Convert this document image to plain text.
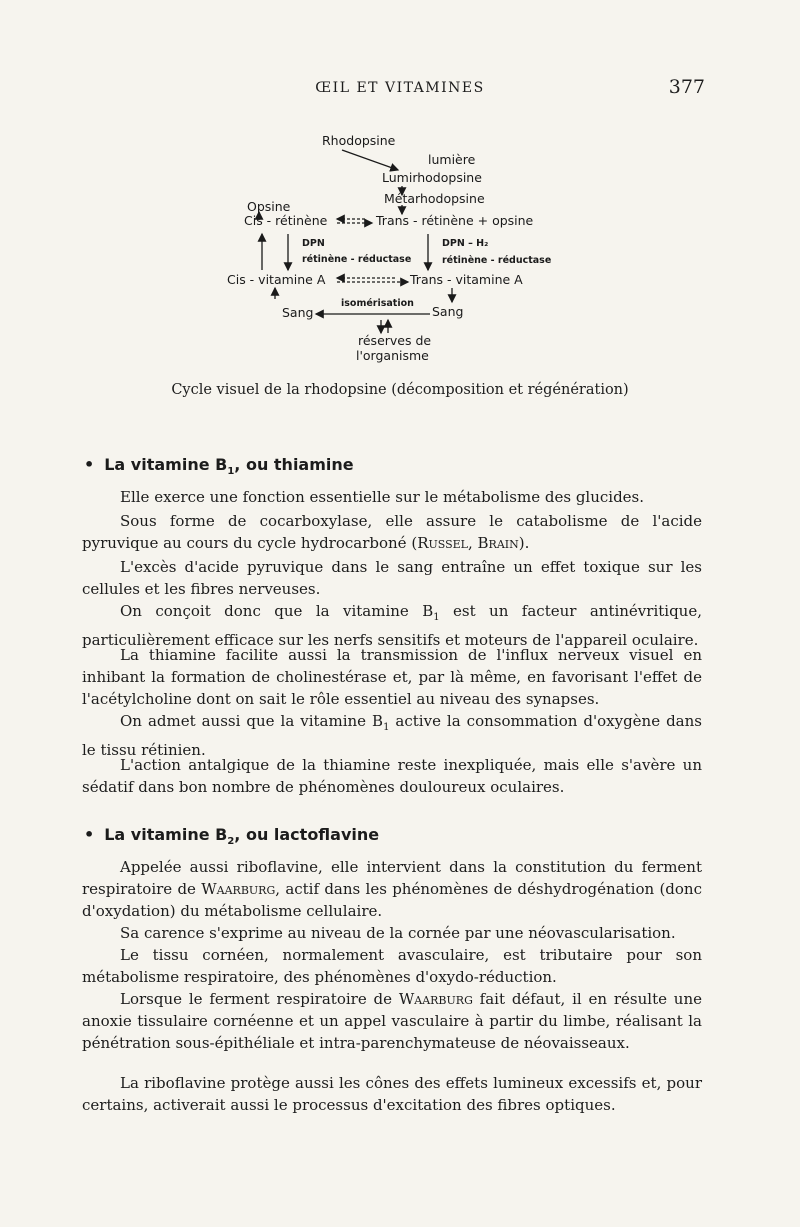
ŒIL ET VITAMINES	377
Rhodopsine
lumière
Lumirhodopsine
Métarhodopsine
Opsine
Cis - rétinène	Trans - rétinène + opsine
DPN
rétinène - réductase
DPN – H₂
rétinène - réductase
Cis - vitamine A	Trans - vitamine A
isomérisation
Sang	Sang
réserves de
l'organisme
Cycle visuel de la rhodopsine (décomposition et régénération)
• La vitamine $B_1$, ou thiamine

Elle exerce une fonction essentielle sur le métabolisme des glucides.

Sous forme de cocarboxylase, elle assure le catabolisme de l'acide pyruvique au cours du cycle hydrocarboné (Russel, Brain).

L'excès d'acide pyruvique dans le sang entraîne un effet toxique sur les cellules et les fibres nerveuses.

On conçoit donc que la vitamine $B_1$ est un facteur antinévritique, particulièrement efficace sur les nerfs sensitifs et moteurs de l'appareil oculaire.

La thiamine facilite aussi la transmission de l'influx nerveux visuel en inhibant la formation de cholinestérase et, par là même, en favorisant l'effet de l'acétylcholine dont on sait le rôle essentiel au niveau des synapses.

On admet aussi que la vitamine $B_1$ active la consommation d'oxygène dans le tissu rétinien.

L'action antalgique de la thiamine reste inexpliquée, mais elle s'avère un sédatif dans bon nombre de phénomènes douloureux oculaires.

• La vitamine $B_2$, ou lactoflavine

Appelée aussi riboflavine, elle intervient dans la constitution du ferment respiratoire de Waarburg, actif dans les phénomènes de déshydrogénation (donc d'oxydation) du métabolisme cellulaire.

Sa carence s'exprime au niveau de la cornée par une néovascularisation.

Le tissu cornéen, normalement avasculaire, est tributaire pour son métabolisme respiratoire, des phénomènes d'oxydo-réduction.

Lorsque le ferment respiratoire de Waarburg fait défaut, il en résulte une anoxie tissulaire cornéenne et un appel vasculaire à partir du limbe, réalisant la pénétration sous-épithéliale et intra-parenchymateuse de néovaisseaux.

La riboflavine protège aussi les cônes des effets lumineux excessifs et, pour certains, activerait aussi le processus d'excitation des fibres optiques.
